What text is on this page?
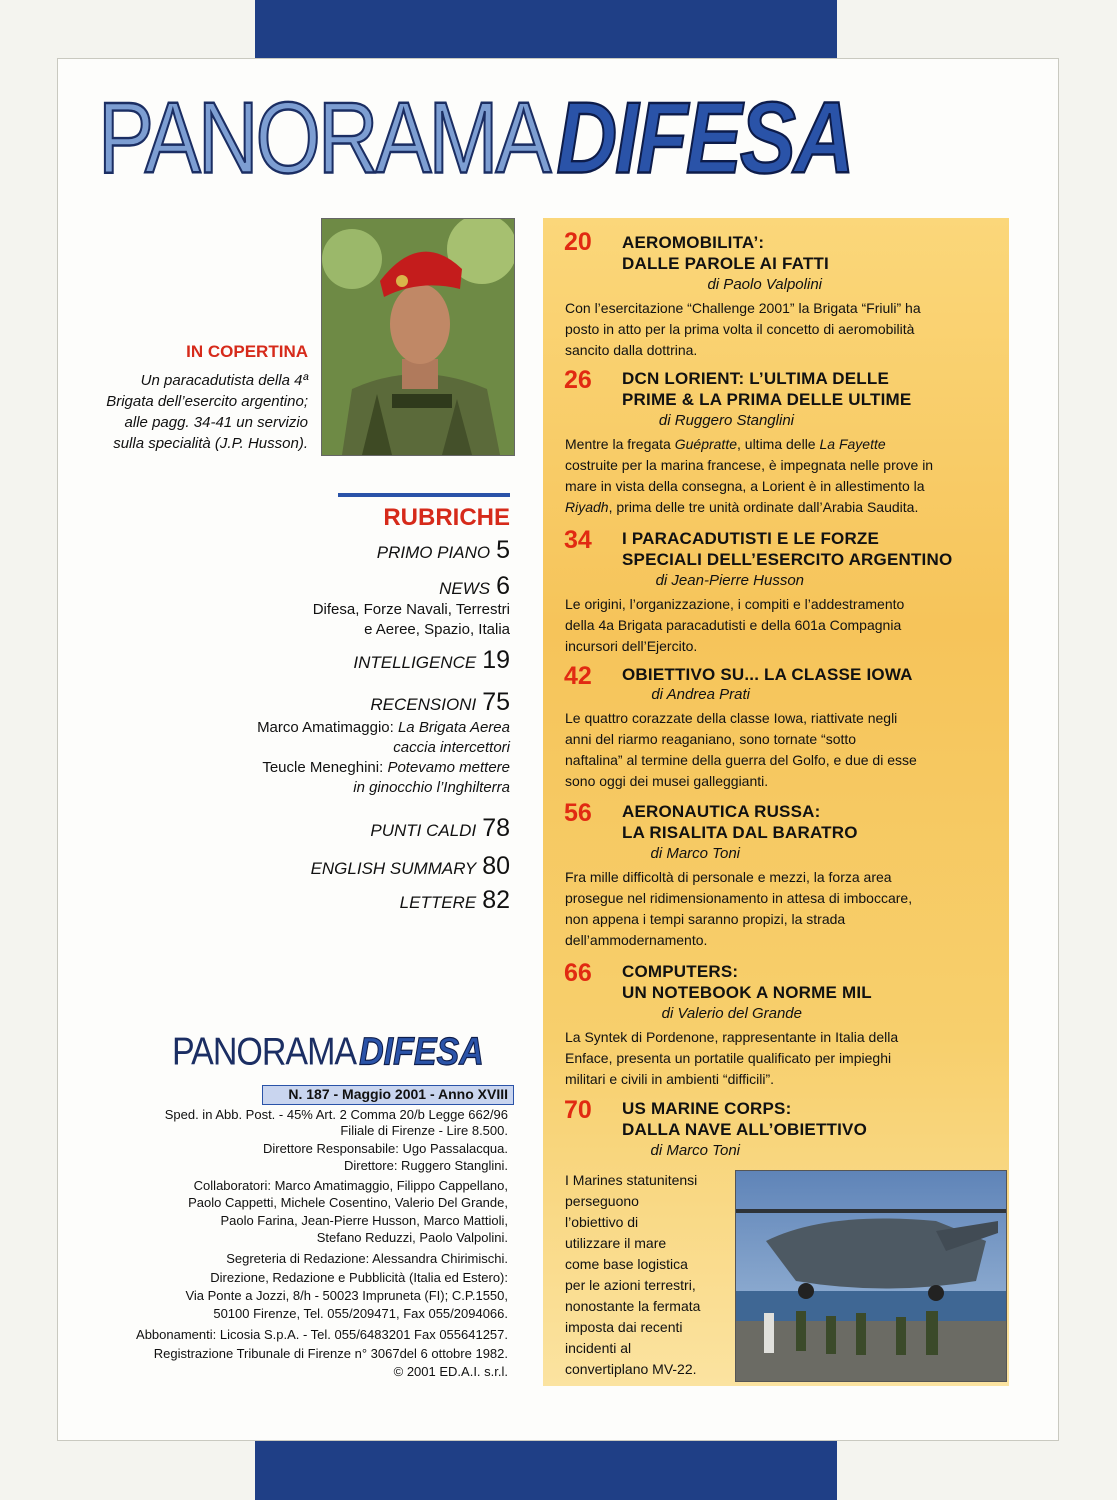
PANORAMADIFESA
IN COPERTINA
Un paracadutista della 4ª
Brigata dell’esercito argentino;
alle pagg. 34-41 un servizio
sulla specialità (J.P. Husson).
RUBRICHE
PRIMO PIANO 5
NEWS 6
Difesa, Forze Navali, Terrestri
e Aeree, Spazio, Italia
INTELLIGENCE 19
RECENSIONI 75
Marco Amatimaggio: La Brigata Aerea
caccia intercettori
Teucle Meneghini: Potevamo mettere
in ginocchio l’Inghilterra
PUNTI CALDI 78
ENGLISH SUMMARY 80
LETTERE 82
PANORAMADIFESA
N. 187 - Maggio 2001 - Anno XVIII
Sped. in Abb. Post. - 45% Art. 2 Comma 20/b Legge 662/96
Filiale di Firenze - Lire 8.500.
Direttore Responsabile: Ugo Passalacqua.
Direttore: Ruggero Stanglini.
Collaboratori: Marco Amatimaggio, Filippo Cappellano,
Paolo Cappetti, Michele Cosentino, Valerio Del Grande,
Paolo Farina, Jean-Pierre Husson, Marco Mattioli,
Stefano Reduzzi, Paolo Valpolini.
Segreteria di Redazione: Alessandra Chirimischi.
Direzione, Redazione e Pubblicità (Italia ed Estero):
Via Ponte a Jozzi, 8/h - 50023 Impruneta (FI); C.P.1550,
50100 Firenze, Tel. 055/209471, Fax 055/2094066.
Abbonamenti: Licosia S.p.A. - Tel. 055/6483201 Fax 055641257.
Registrazione Tribunale di Firenze n° 3067del 6 ottobre 1982.
© 2001 ED.A.I. s.r.l.
20	AEROMOBILITA’:
DALLE PAROLE AI FATTI
di Paolo Valpolini
Con l’esercitazione “Challenge 2001” la Brigata “Friuli” ha
posto in atto per la prima volta il concetto di aeromobilità
sancito dalla dottrina.
26	DCN LORIENT: L’ULTIMA DELLE
PRIME & LA PRIMA DELLE ULTIME
di Ruggero Stanglini
Mentre la fregata Guépratte, ultima delle La Fayette
costruite per la marina francese, è impegnata nelle prove in
mare in vista della consegna, a Lorient è in allestimento la
Riyadh, prima delle tre unità ordinate dall’Arabia Saudita.
34	I PARACADUTISTI E LE FORZE
SPECIALI DELL’ESERCITO ARGENTINO
di Jean-Pierre Husson
Le origini, l’organizzazione, i compiti e l’addestramento
della 4a Brigata paracadutisti e della 601a Compagnia
incursori dell’Ejercito.
42	OBIETTIVO SU... LA CLASSE IOWA
di Andrea Prati
Le quattro corazzate della classe Iowa, riattivate negli
anni del riarmo reaganiano, sono tornate “sotto
naftalina” al termine della guerra del Golfo, e due di esse
sono oggi dei musei galleggianti.
56	AERONAUTICA RUSSA:
LA RISALITA DAL BARATRO
di Marco Toni
Fra mille difficoltà di personale e mezzi, la forza area
prosegue nel ridimensionamento in attesa di imboccare,
non appena i tempi saranno propizi, la strada
dell’ammodernamento.
66	COMPUTERS:
UN NOTEBOOK A NORME MIL
di Valerio del Grande
La Syntek di Pordenone, rappresentante in Italia della
Enface, presenta un portatile qualificato per impieghi
militari e civili in ambienti “difficili”.
70	US MARINE CORPS:
DALLA NAVE ALL’OBIETTIVO
di Marco Toni
I Marines statunitensi
perseguono
l’obiettivo di
utilizzare il mare
come base logistica
per le azioni terrestri,
nonostante la fermata
imposta dai recenti
incidenti al
convertiplano MV-22.
